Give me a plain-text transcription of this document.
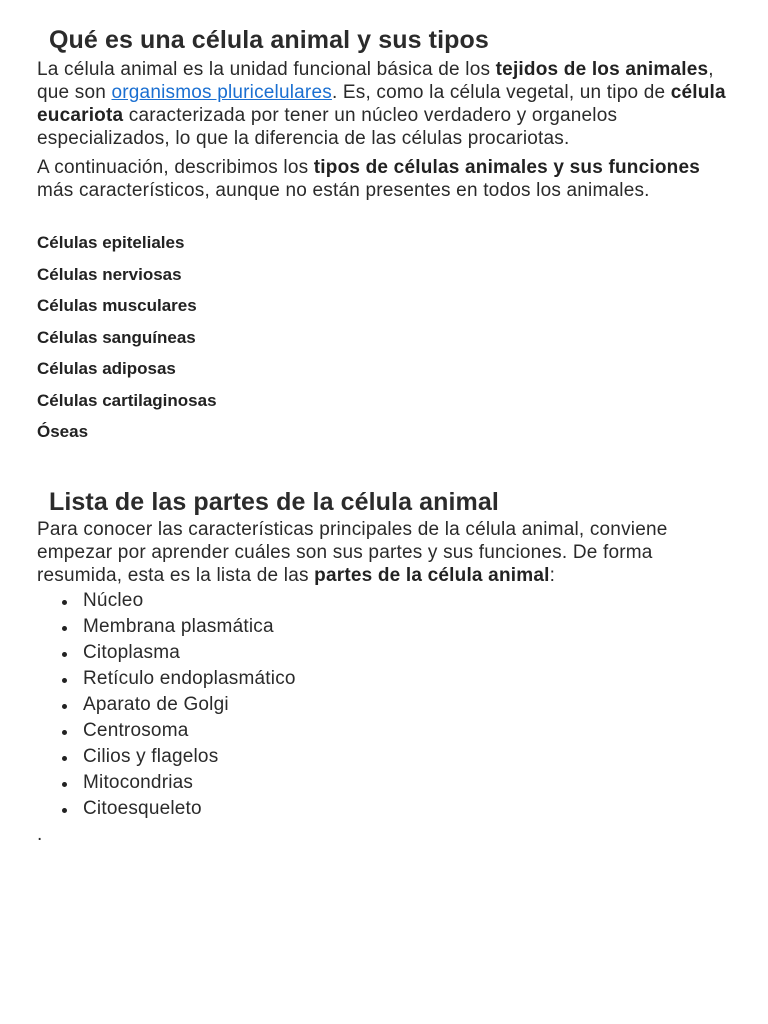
Qué es una célula animal y sus tipos

La célula animal es la unidad funcional básica de los tejidos de los animales, que son organismos pluricelulares. Es, como la célula vegetal, un tipo de célula eucariota caracterizada por tener un núcleo verdadero y organelos especializados, lo que la diferencia de las células procariotas.

A continuación, describimos los tipos de células animales y sus funciones más característicos, aunque no están presentes en todos los animales.

Células epiteliales
Células nerviosas
Células musculares
Células sanguíneas
Células adiposas
Células cartilaginosas
Óseas
Lista de las partes de la célula animal

Para conocer las características principales de la célula animal, conviene empezar por aprender cuáles son sus partes y sus funciones. De forma resumida, esta es la lista de las partes de la célula animal:

Núcleo
Membrana plasmática
Citoplasma
Retículo endoplasmático
Aparato de Golgi
Centrosoma
Cilios y flagelos
Mitocondrias
Citoesqueleto
.
